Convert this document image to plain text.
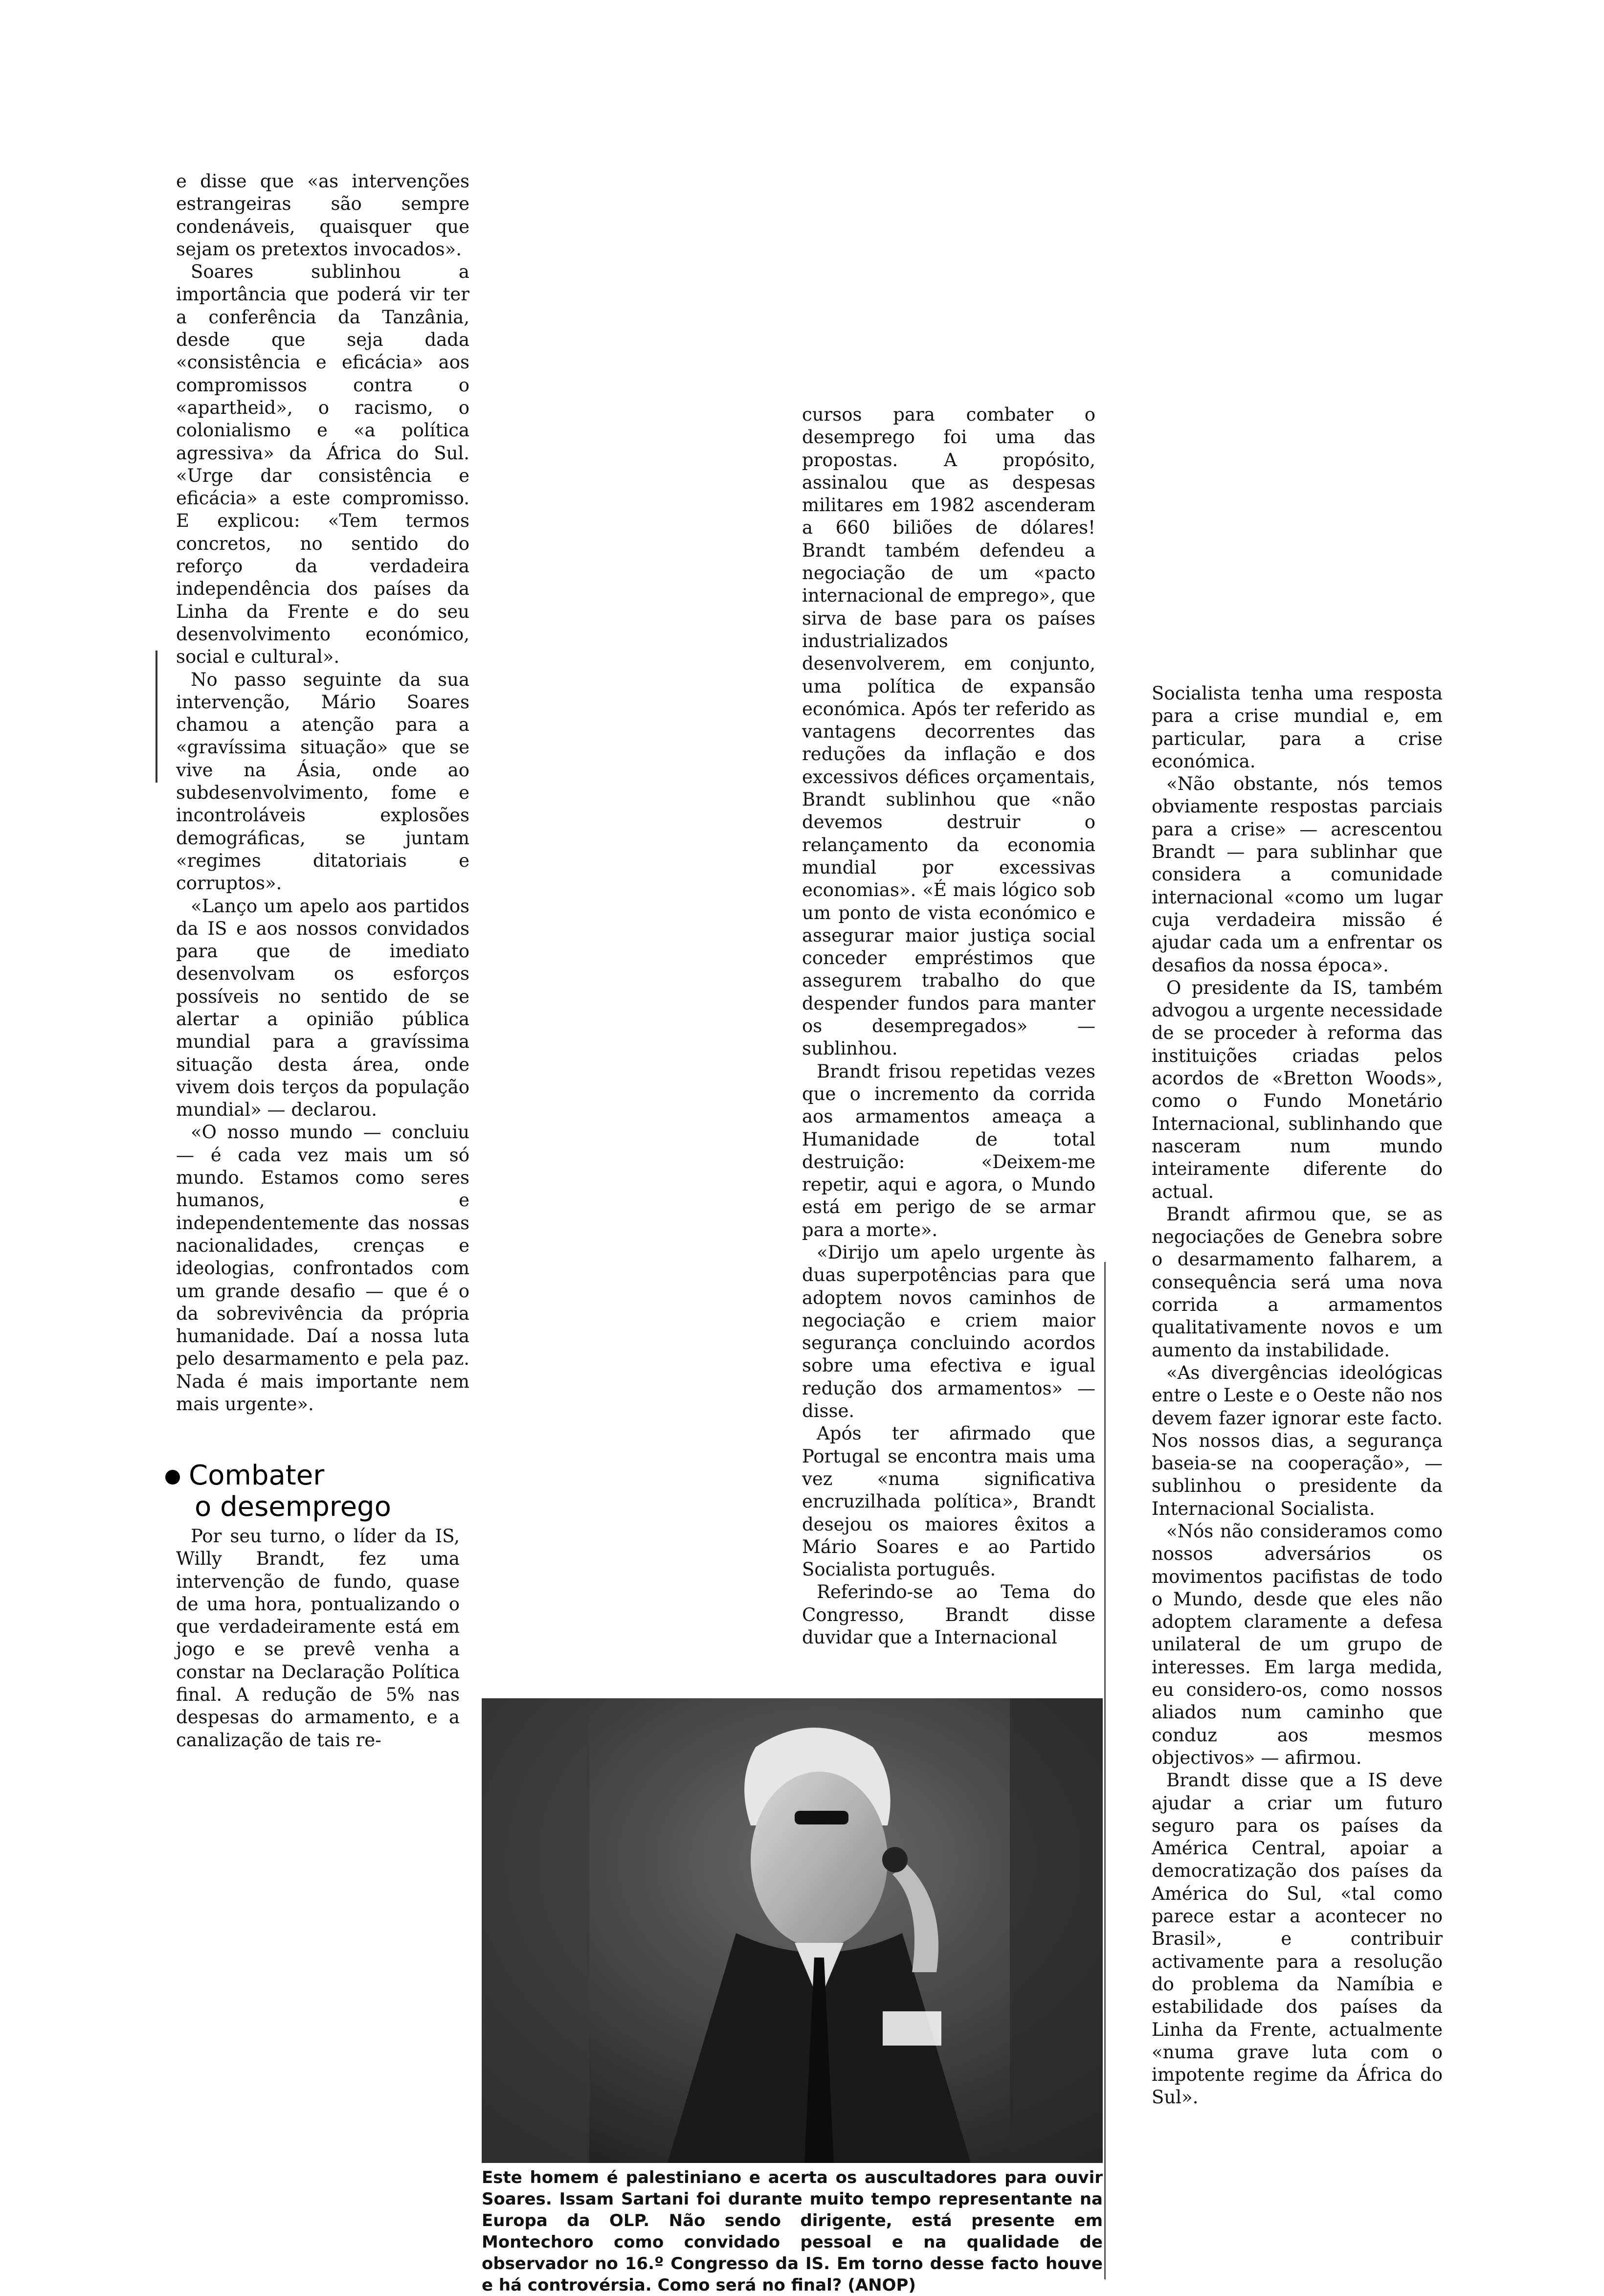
e disse que «as intervenções estrangeiras são sempre condenáveis, quaisquer que sejam os pretextos invocados».

Soares sublinhou a importância que poderá vir ter a conferência da Tanzânia, desde que seja dada «consistência e eficácia» aos compromissos contra o «apartheid», o racismo, o colonialismo e «a política agressiva» da África do Sul. «Urge dar consistência e eficácia» a este compromisso. E explicou: «Tem termos concretos, no sentido do reforço da verdadeira independência dos países da Linha da Frente e do seu desenvolvimento económico, social e cultural».

No passo seguinte da sua intervenção, Mário Soares chamou a atenção para a «gravíssima situação» que se vive na Ásia, onde ao subdesenvolvimento, fome e incontroláveis explosões demográficas, se juntam «regimes ditatoriais e corruptos».

«Lanço um apelo aos partidos da IS e aos nossos convidados para que de imediato desenvolvam os esforços possíveis no sentido de se alertar a opinião pública mundial para a gravíssima situação desta área, onde vivem dois terços da população mundial» — declarou.

«O nosso mundo — concluiu — é cada vez mais um só mundo. Estamos como seres humanos, e independentemente das nossas nacionalidades, crenças e ideologias, confrontados com um grande desafio — que é o da sobrevivência da própria humanidade. Daí a nossa luta pelo desarmamento e pela paz. Nada é mais importante nem mais urgente».

Combater
o desemprego

Por seu turno, o líder da IS, Willy Brandt, fez uma intervenção de fundo, quase de uma hora, pontualizando o que verdadeiramente está em jogo e se prevê venha a constar na Declaração Política final. A redução de 5% nas despesas do armamento, e a canalização de tais re-

cursos para combater o desemprego foi uma das propostas. A propósito, assinalou que as despesas militares em 1982 ascenderam a 660 biliões de dólares! Brandt também defendeu a negociação de um «pacto internacional de emprego», que sirva de base para os países industrializados desenvolverem, em conjunto, uma política de expansão económica. Após ter referido as vantagens decorrentes das reduções da inflação e dos excessivos défices orçamentais, Brandt sublinhou que «não devemos destruir o relançamento da economia mundial por excessivas economias». «É mais lógico sob um ponto de vista económico e assegurar maior justiça social conceder empréstimos que assegurem trabalho do que despender fundos para manter os desempregados» — sublinhou.

Brandt frisou repetidas vezes que o incremento da corrida aos armamentos ameaça a Humanidade de total destruição: «Deixem-me repetir, aqui e agora, o Mundo está em perigo de se armar para a morte».

«Dirijo um apelo urgente às duas superpotências para que adoptem novos caminhos de negociação e criem maior segurança concluindo acordos sobre uma efectiva e igual redução dos armamentos» — disse.

Após ter afirmado que Portugal se encontra mais uma vez «numa significativa encruzilhada política», Brandt desejou os maiores êxitos a Mário Soares e ao Partido Socialista português.

Referindo-se ao Tema do Congresso, Brandt disse duvidar que a Internacional

Socialista tenha uma resposta para a crise mundial e, em particular, para a crise económica.

«Não obstante, nós temos obviamente respostas parciais para a crise» — acrescentou Brandt — para sublinhar que considera a comunidade internacional «como um lugar cuja verdadeira missão é ajudar cada um a enfrentar os desafios da nossa época».

O presidente da IS, também advogou a urgente necessidade de se proceder à reforma das instituições criadas pelos acordos de «Bretton Woods», como o Fundo Monetário Internacional, sublinhando que nasceram num mundo inteiramente diferente do actual.

Brandt afirmou que, se as negociações de Genebra sobre o desarmamento falharem, a consequência será uma nova corrida a armamentos qualitativamente novos e um aumento da instabilidade.

«As divergências ideológicas entre o Leste e o Oeste não nos devem fazer ignorar este facto. Nos nossos dias, a segurança baseia-se na cooperação», — sublinhou o presidente da Internacional Socialista.

«Nós não consideramos como nossos adversários os movimentos pacifistas de todo o Mundo, desde que eles não adoptem claramente a defesa unilateral de um grupo de interesses. Em larga medida, eu considero-os, como nossos aliados num caminho que conduz aos mesmos objectivos» — afirmou.

Brandt disse que a IS deve ajudar a criar um futuro seguro para os países da América Central, apoiar a democratização dos países da América do Sul, «tal como parece estar a acontecer no Brasil», e contribuir activamente para a resolução do problema da Namíbia e estabilidade dos países da Linha da Frente, actualmente «numa grave luta com o impotente regime da África do Sul».

Este homem é palestiniano e acerta os auscultadores para ouvir Soares. Issam Sartani foi durante muito tempo representante na Europa da OLP. Não sendo dirigente, está presente em Montechoro como convidado pessoal e na qualidade de observador no 16.º Congresso da IS. Em torno desse facto houve e há controvérsia. Como será no final? (ANOP)
